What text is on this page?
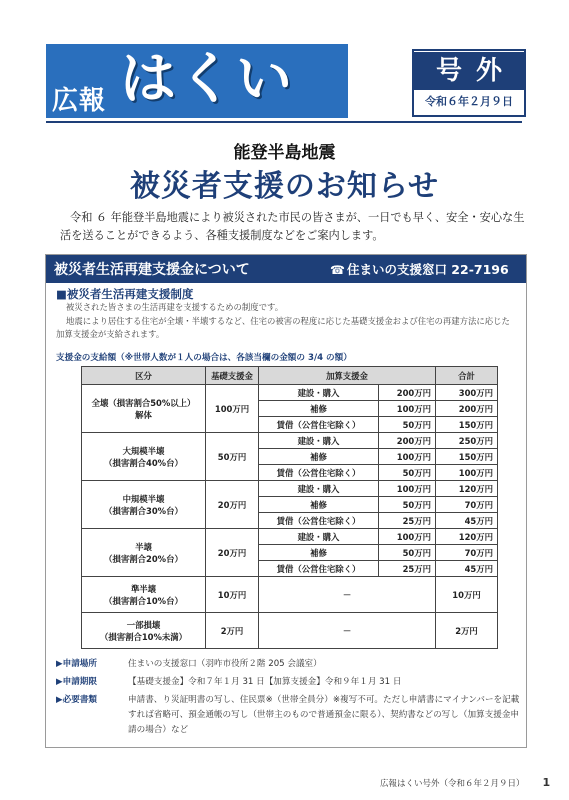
広報 はくい	号外
令和６年２月９日
能登半島地震
被災者支援のお知らせ
令和 ６ 年能登半島地震により被災された市民の皆さまが、一日でも早く、安全・安心な生活を送ることができるよう、各種支援制度などをご案内します。
被災者生活再建支援金について	☎ 住まいの支援窓口 22-7196
■被災者生活再建支援制度

被災された皆さまの生活再建を支援するための制度です。

地震により居住する住宅が全壊・半壊するなど、住宅の被害の程度に応じた基礎支援金および住宅の再建方法に応じた加算支援金が支給されます。

支援金の支給額（※世帯人数が１人の場合は、各該当欄の金額の 3/4 の額）
区分	基礎支援金	加算支援金		合計
全壊（損害割合50%以上）
解体	100万円	建設・購入	200万円	300万円
		補修	100万円	200万円
		賃借（公営住宅除く）	50万円	150万円
大規模半壊
（損害割合40%台）	50万円	建設・購入	200万円	250万円
		補修	100万円	150万円
		賃借（公営住宅除く）	50万円	100万円
中規模半壊
（損害割合30%台）	20万円	建設・購入	100万円	120万円
		補修	50万円	70万円
		賃借（公営住宅除く）	25万円	45万円
半壊
（損害割合20%台）	20万円	建設・購入	100万円	120万円
		補修	50万円	70万円
		賃借（公営住宅除く）	25万円	45万円
準半壊
（損害割合10%台）	10万円	－		10万円
一部損壊
（損害割合10%未満）	2万円	－		2万円
▶申請場所	住まいの支援窓口（羽咋市役所２階 205 会議室）
▶申請期限	【基礎支援金】令和７年１月 31 日【加算支援金】令和９年１月 31 日
▶必要書類	申請書、り災証明書の写し、住民票※（世帯全員分）※複写不可。ただし申請書にマイナンバーを記載すれば省略可、預金通帳の写し（世帯主のもので普通預金に限る）、契約書などの写し（加算支援金申請の場合）など
広報はくい号外（令和６年２月９日） 1
